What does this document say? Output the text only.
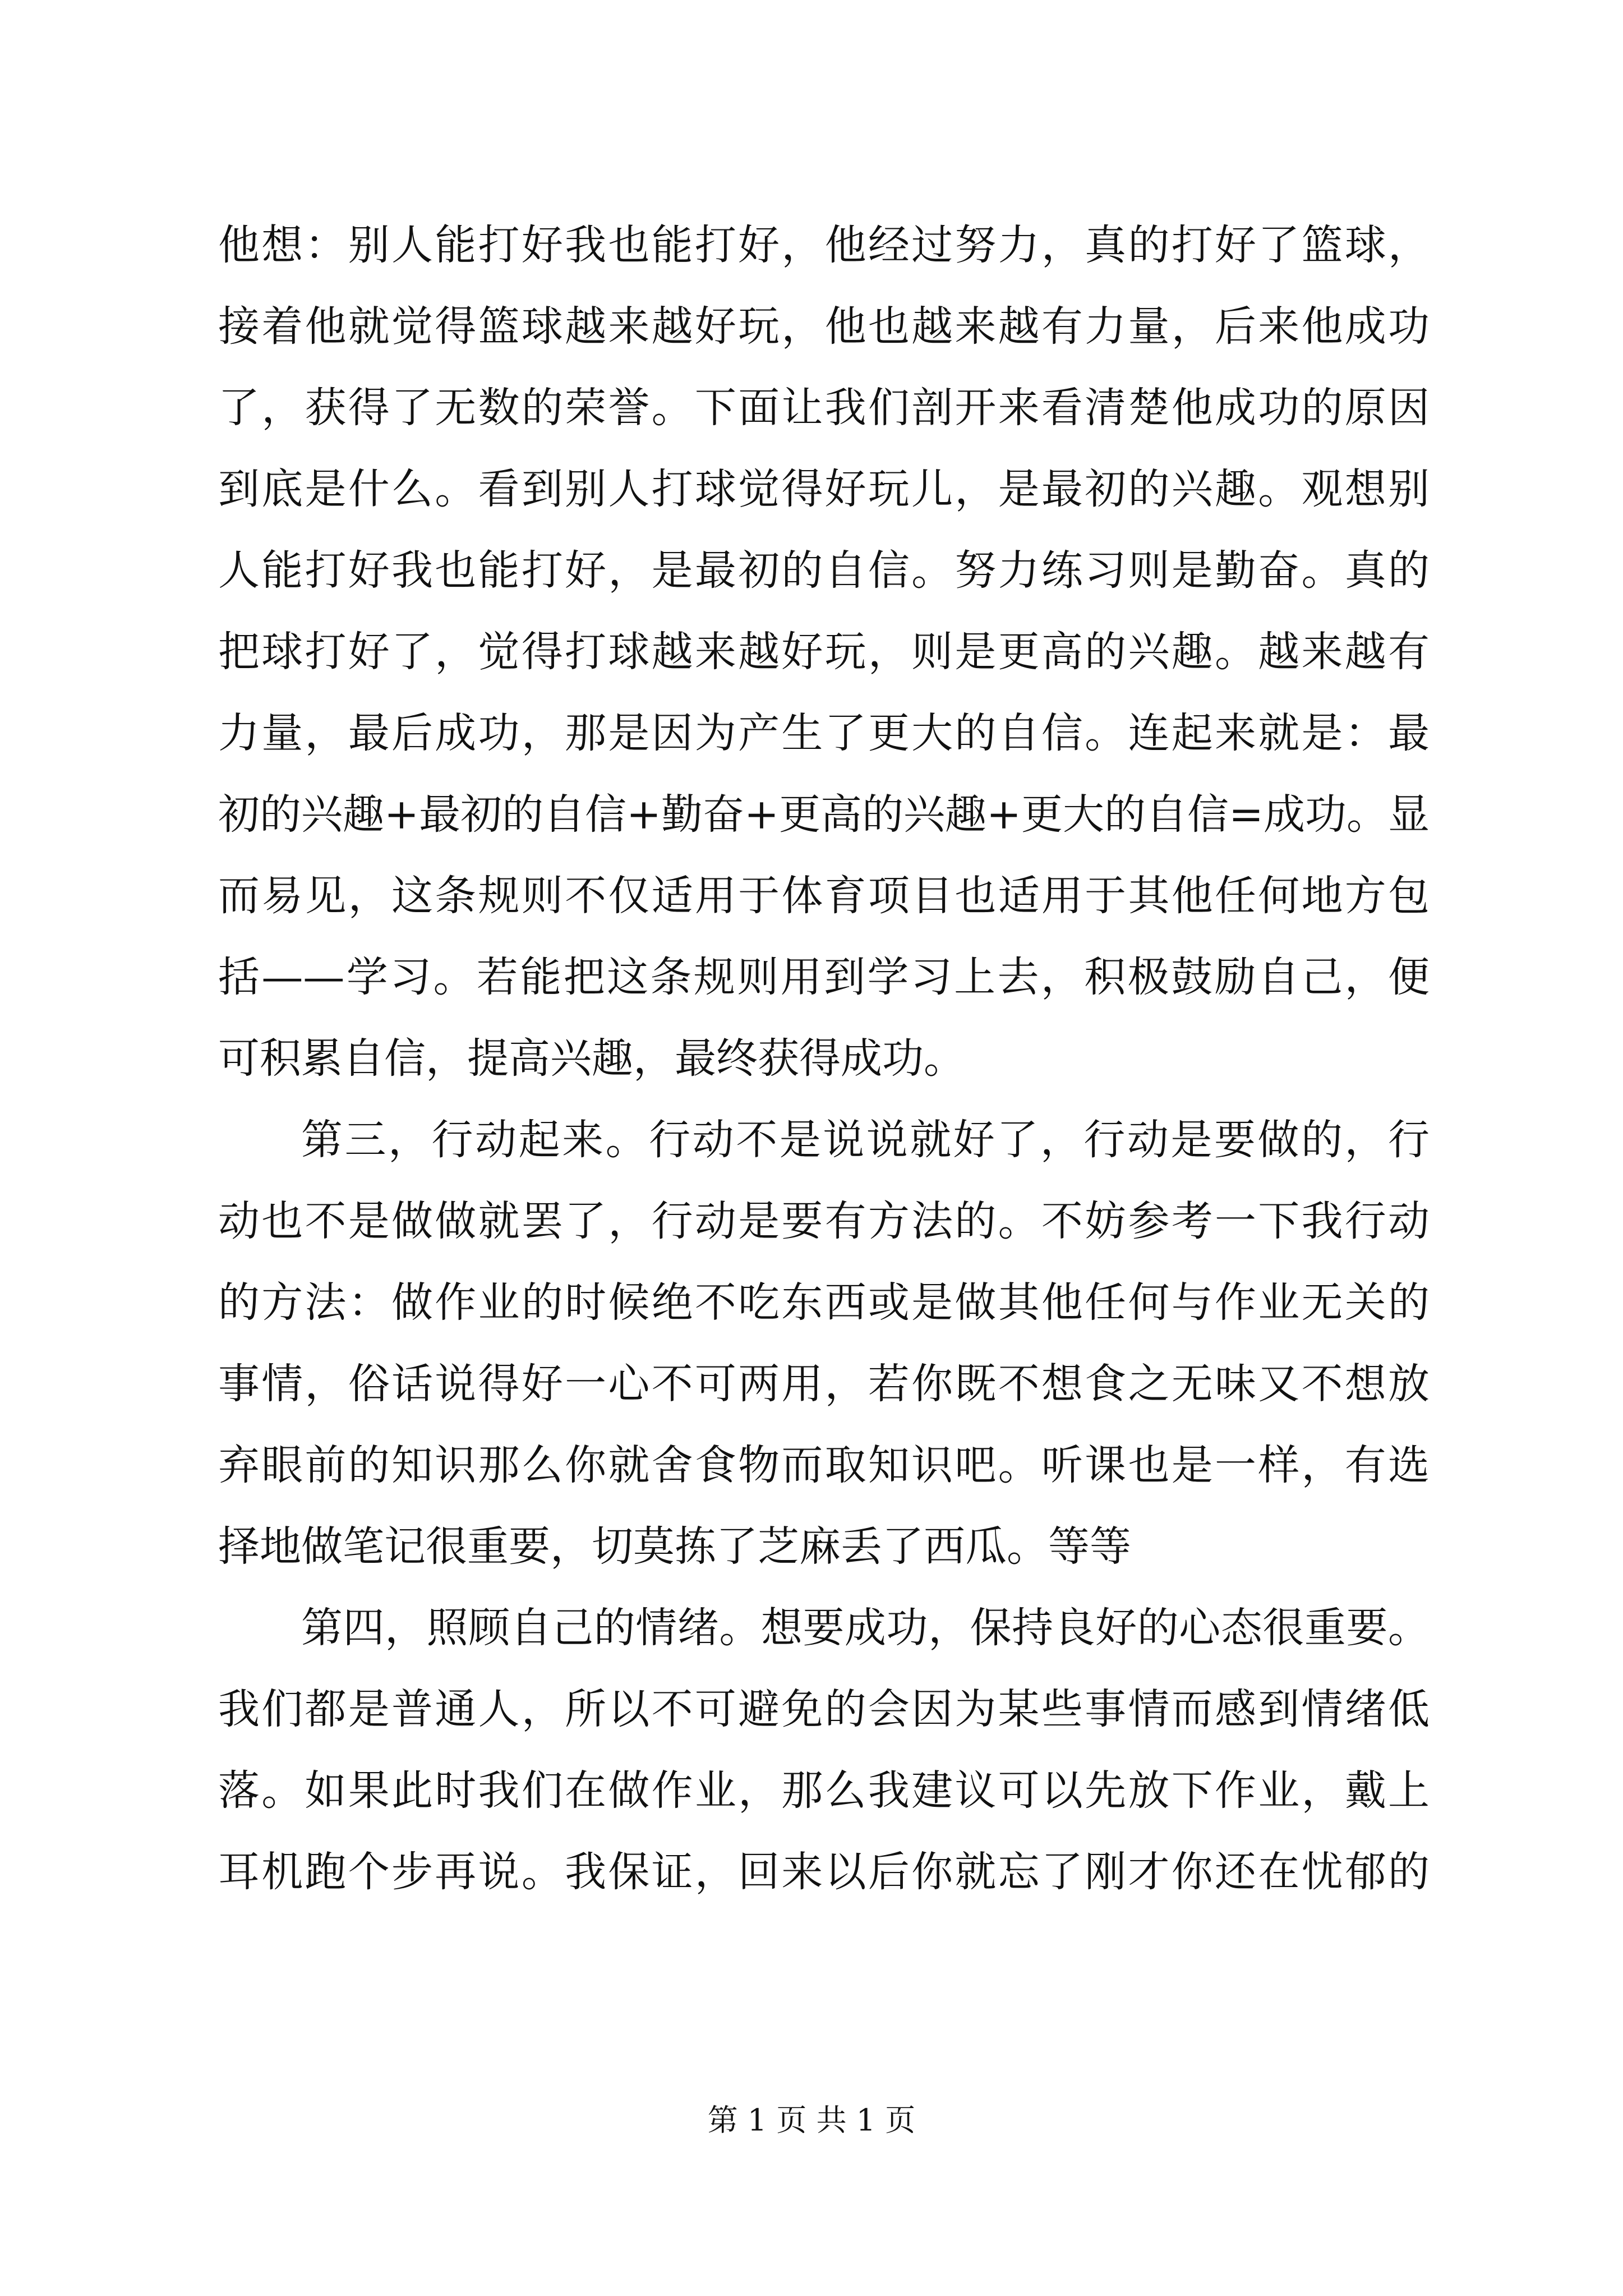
他想：别人能打好我也能打好，他经过努力，真的打好了篮球，
接着他就觉得篮球越来越好玩，他也越来越有力量，后来他成功
了，获得了无数的荣誉。下面让我们剖开来看清楚他成功的原因
到底是什么。看到别人打球觉得好玩儿，是最初的兴趣。观想别
人能打好我也能打好，是最初的自信。努力练习则是勤奋。真的
把球打好了，觉得打球越来越好玩，则是更高的兴趣。越来越有
力量，最后成功，那是因为产生了更大的自信。连起来就是：最
初的兴趣+最初的自信+勤奋+更高的兴趣+更大的自信=成功。显
而易见，这条规则不仅适用于体育项目也适用于其他任何地方包
括——学习。若能把这条规则用到学习上去，积极鼓励自己，便
可积累自信，提高兴趣，最终获得成功。
第三，行动起来。行动不是说说就好了，行动是要做的，行
动也不是做做就罢了，行动是要有方法的。不妨参考一下我行动
的方法：做作业的时候绝不吃东西或是做其他任何与作业无关的
事情，俗话说得好一心不可两用，若你既不想食之无味又不想放
弃眼前的知识那么你就舍食物而取知识吧。听课也是一样，有选
择地做笔记很重要，切莫拣了芝麻丢了西瓜。等等
第四，照顾自己的情绪。想要成功，保持良好的心态很重要。
我们都是普通人，所以不可避免的会因为某些事情而感到情绪低
落。如果此时我们在做作业，那么我建议可以先放下作业，戴上
耳机跑个步再说。我保证，回来以后你就忘了刚才你还在忧郁的
第 1 页 共 1 页
